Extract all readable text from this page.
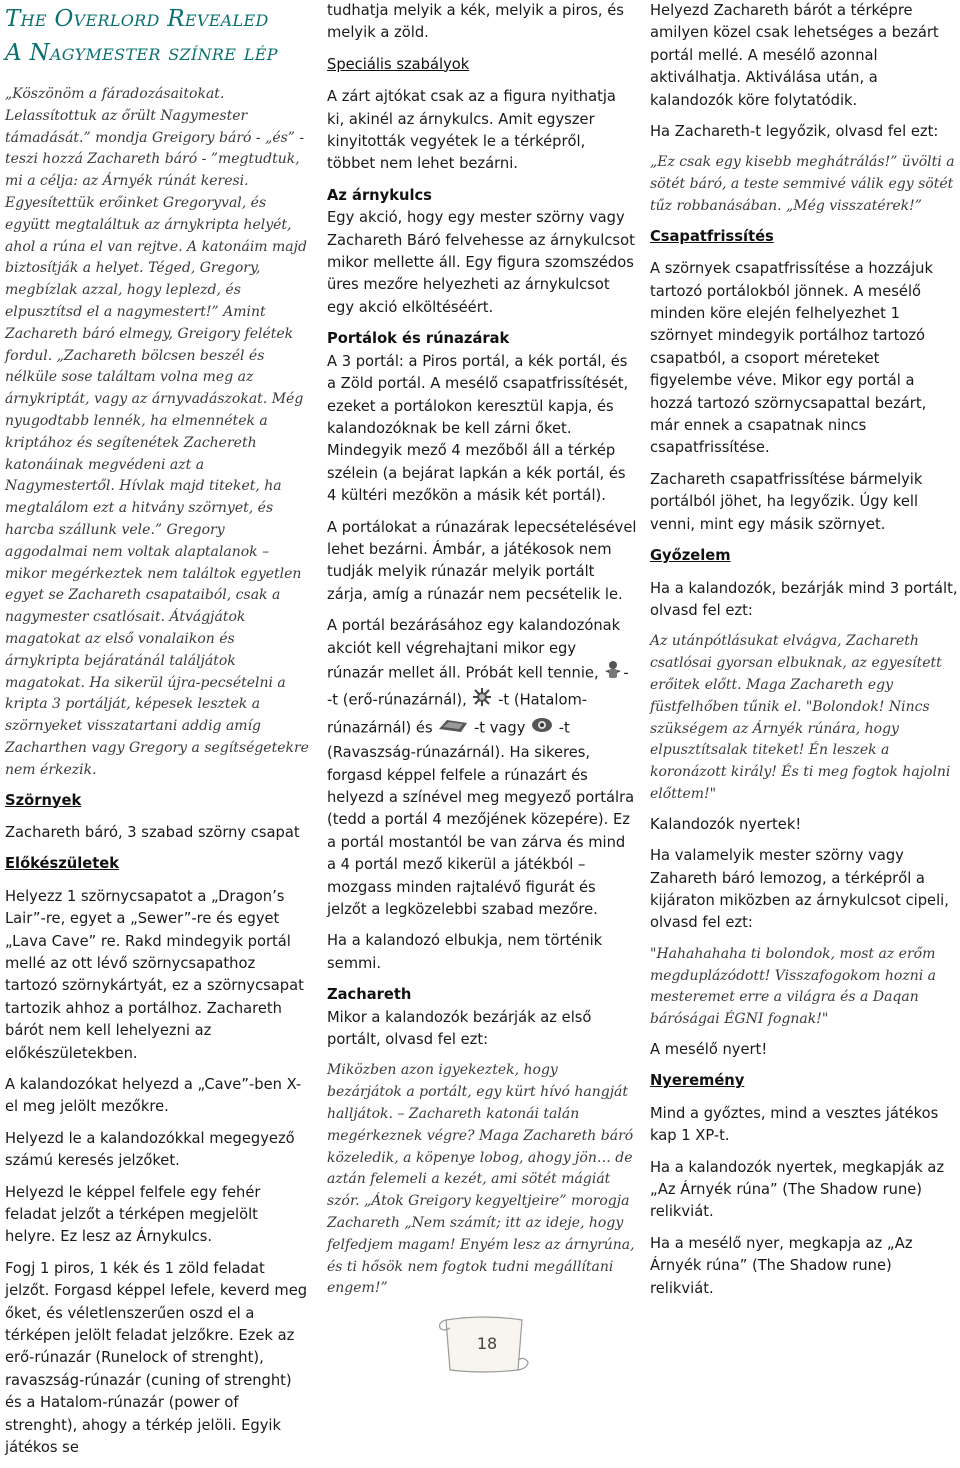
The Overlord Revealed
A Nagymester színre lép

„Köszönöm a fáradozásaitokat. Lelassítottuk az őrült Nagymester támadását.” mondja Greigory báró - „és” - teszi hozzá Zachareth báró - ”megtudtuk, mi a célja: az Árnyék rúnát keresi. Egyesítettük erőinket Gregoryval, és együtt megtaláltuk az árnykripta helyét, ahol a rúna el van rejtve. A katonáim majd biztosítják a helyet. Téged, Gregory, megbízlak azzal, hogy leplezd, és elpusztítsd el a nagymestert!” Amint Zachareth báró elmegy, Greigory felétek fordul. „Zachareth bölcsen beszél és nélküle sose találtam volna meg az árnykriptát, vagy az árnyvadászokat. Még nyugodtabb lennék, ha elmennétek a kriptához és segítenétek Zachereth katonáinak megvédeni azt a Nagymestertől. Hívlak majd titeket, ha megtalálom ezt a hitvány szörnyet, és harcba szállunk vele.” Gregory aggodalmai nem voltak alaptalanok – mikor megérkeztek nem találtok egyetlen egyet se Zachareth csapataiból, csak a nagymester csatlósait. Átvágjátok magatokat az első vonalaikon és árnykripta bejáratánál találjátok magatokat. Ha sikerül újra-pecsételni a kripta 3 portálját, képesek lesztek a szörnyeket visszatartani addig amíg Zacharthen vagy Gregory a segítségetekre nem érkezik.

Szörnyek

Zachareth báró, 3 szabad szörny csapat

Előkészületek

Helyezz 1 szörnycsapatot a „Dragon’s Lair”-re, egyet a „Sewer”-re és egyet „Lava Cave” re. Rakd mindegyik portál mellé az ott lévő szörnycsapathoz tartozó szörnykártyát, ez a szörnycsapat tartozik ahhoz a portálhoz. Zachareth bárót nem kell lehelyezni az előkészületekben.

A kalandozókat helyezd a „Cave”-ben X-el meg jelölt mezőkre.

Helyezd le a kalandozókkal megegyező számú keresés jelzőket.

Helyezd le képpel felfele egy fehér feladat jelzőt a térképen megjelölt helyre. Ez lesz az Árnykulcs.

Fogj 1 piros, 1 kék és 1 zöld feladat jelzőt. Forgasd képpel lefele, keverd meg őket, és véletlenszerűen oszd el a térképen jelölt feladat jelzőkre. Ezek az erő-rúnazár (Runelock of strenght), ravaszság-rúnazár (cuning of strenght) és a Hatalom-rúnazár (power of strenght), ahogy a térkép jelöli. Egyik játékos se

tudhatja melyik a kék, melyik a piros, és melyik a zöld.

Speciális szabályok

A zárt ajtókat csak az a figura nyithatja ki, akinél az árnykulcs. Amit egyszer kinyitották vegyétek le a térképről, többet nem lehet bezárni.

Az árnykulcs

Egy akció, hogy egy mester szörny vagy Zachareth Báró felvehesse az árnykulcsot mikor mellette áll. Egy figura szomszédos üres mezőre helyezheti az árnykulcsot egy akció elköltéséért.

Portálok és rúnazárak

A 3 portál: a Piros portál, a kék portál, és a Zöld portál. A mesélő csapatfrissítését, ezeket a portálokon keresztül kapja, és kalandozóknak be kell zárni őket. Mindegyik mező 4 mezőből áll a térkép szélein (a bejárat lapkán a kék portál, és 4 kültéri mezőkön a másik két portál).

A portálokat a rúnazárak lepecsételésével lehet bezárni. Ámbár, a játékosok nem tudják melyik rúnazár melyik portált zárja, amíg a rúnazár nem pecsételik le.

A portál bezárásához egy kalandozónak akciót kell végrehajtani mikor egy rúnazár mellet áll. Próbát kell tennie, - -t (erő-rúnazárnál), -t (Hatalom-rúnazárnál) és	-t vagy -t (Ravaszság-rúnazárnál). Ha sikeres, forgasd képpel felfele a rúnazárt és helyezd a színével meg megyező portálra (tedd a portál 4 mezőjének közepére). Ez a portál mostantól be van zárva és mind a 4 portál mező kikerül a játékból – mozgass minden rajtalévő figurát és jelzőt a legközelebbi szabad mezőre.

Ha a kalandozó elbukja, nem történik semmi.

Zachareth

Mikor a kalandozók bezárják az első portált, olvasd fel ezt:

Miközben azon igyekeztek, hogy bezárjátok a portált, egy kürt hívó hangját halljátok. – Zachareth katonái talán megérkeznek végre? Maga Zachareth báró közeledik, a köpenye lobog, ahogy jön… de aztán felemeli a kezét, ami sötét mágiát szór. „Átok Greigory kegyeltjeire” morogja Zachareth „Nem számít; itt az ideje, hogy felfedjem magam! Enyém lesz az árnyrúna, és ti hősök nem fogtok tudni megállítani engem!”

Helyezd Zachareth bárót a térképre amilyen közel csak lehetséges a bezárt portál mellé. A mesélő azonnal aktiválhatja. Aktiválása után, a kalandozók köre folytatódik.

Ha Zachareth-t legyőzik, olvasd fel ezt:

„Ez csak egy kisebb meghátrálás!” üvölti a sötét báró, a teste semmivé válik egy sötét tűz robbanásában. „Még visszatérek!”

Csapatfrissítés

A szörnyek csapatfrissítése a hozzájuk tartozó portálokból jönnek. A mesélő minden köre elején felhelyezhet 1 szörnyet mindegyik portálhoz tartozó csapatból, a csoport méreteket figyelembe véve. Mikor egy portál a hozzá tartozó szörnycsapattal bezárt, már ennek a csapatnak nincs csapatfrissítése.

Zachareth csapatfrissítése bármelyik portálból jöhet, ha legyőzik. Úgy kell venni, mint egy másik szörnyet.

Győzelem

Ha a kalandozók, bezárják mind 3 portált, olvasd fel ezt:

Az utánpótlásukat elvágva, Zachareth csatlósai gyorsan elbuknak, az egyesített erőitek előtt. Maga Zachareth egy füstfelhőben tűnik el. "Bolondok! Nincs szükségem az Árnyék rúnára, hogy elpusztítsalak titeket! Én leszek a koronázott király! És ti meg fogtok hajolni előttem!"

Kalandozók nyertek!

Ha valamelyik mester szörny vagy Zahareth báró lemozog, a térképről a kijáraton miközben az árnykulcsot cipeli, olvasd fel ezt:

"Hahahahaha ti bolondok, most az erőm megduplázódott! Visszafogokom hozni a mesteremet erre a világra és a Daqan báróságai ÉGNI fognak!"

A mesélő nyert!

Nyeremény

Mind a győztes, mind a vesztes játékos kap 1 XP-t.

Ha a kalandozók nyertek, megkapják az „Az Árnyék rúna” (The Shadow rune) relikviát.

Ha a mesélő nyer, megkapja az „Az Árnyék rúna” (The Shadow rune) relikviát.

18
